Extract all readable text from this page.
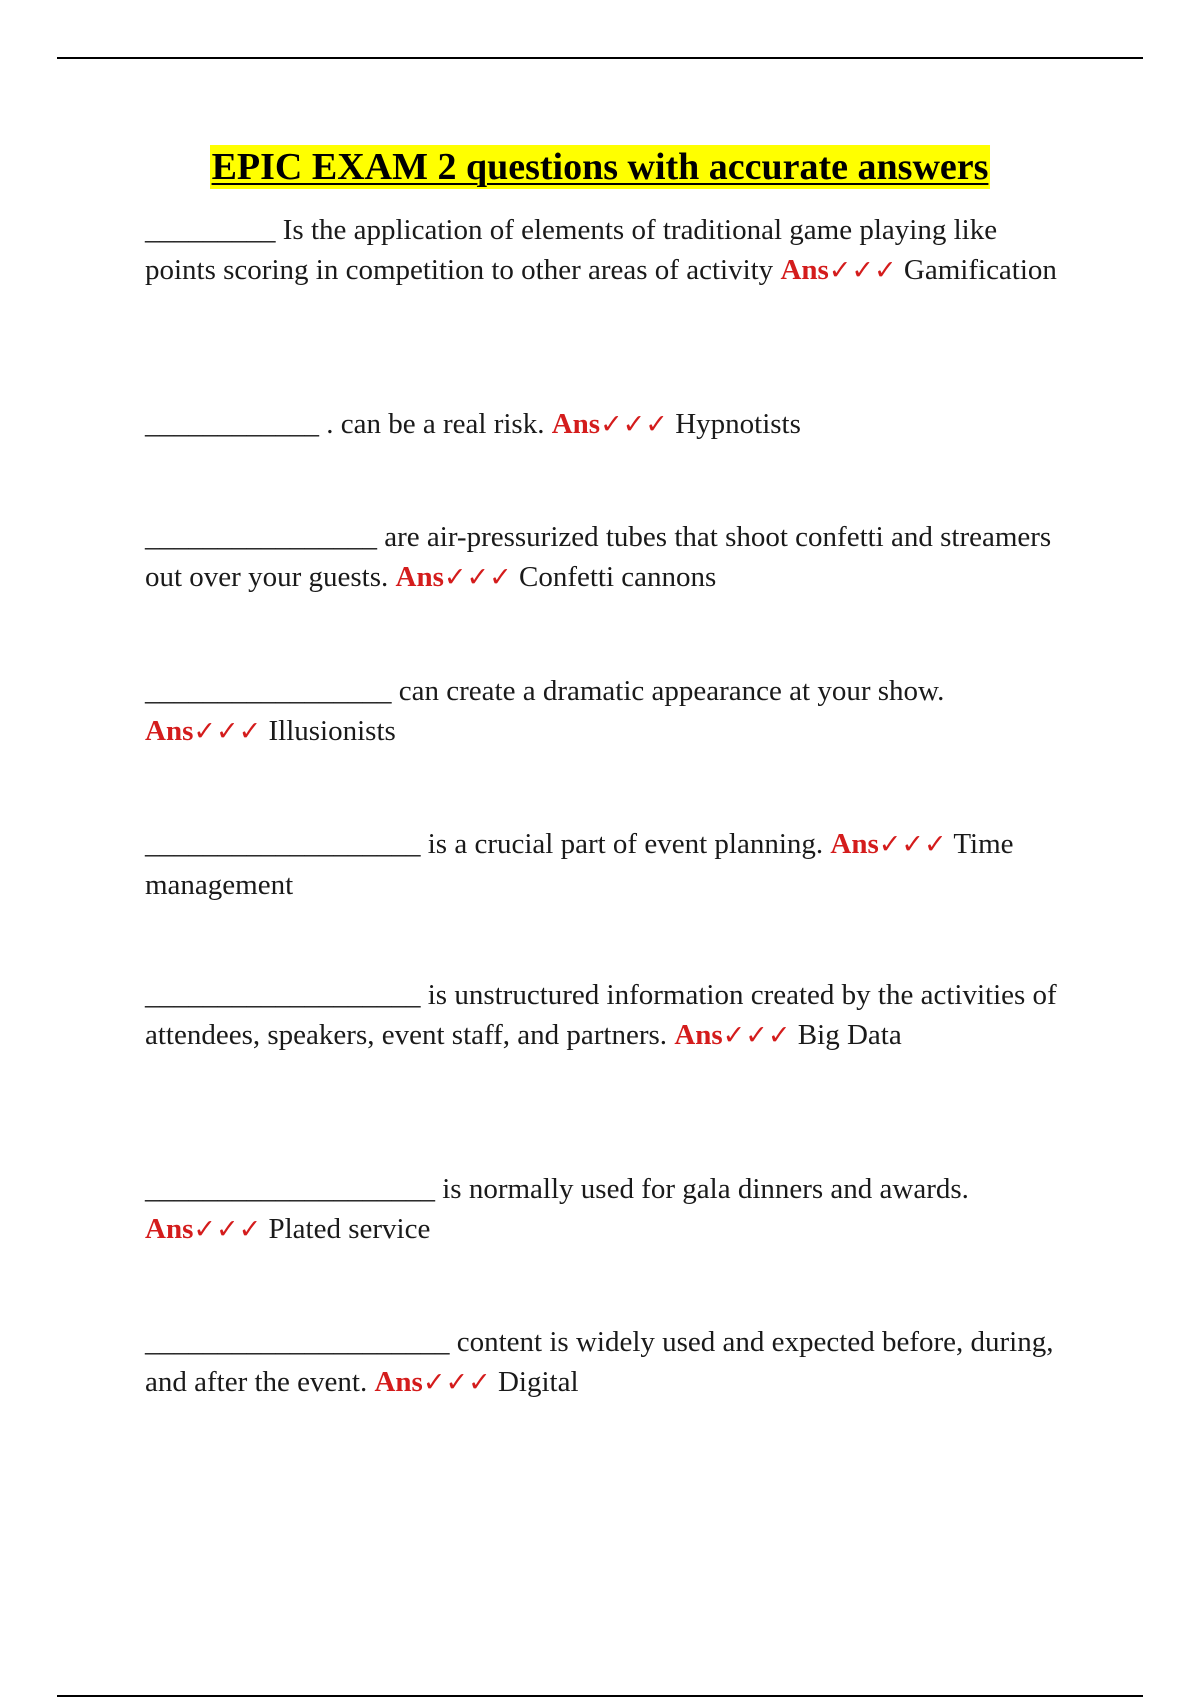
EPIC EXAM 2 questions with accurate answers

_________ Is the application of elements of traditional game playing like points scoring in competition to other areas of activity Ans✓✓✓ Gamification

____________ . can be a real risk. Ans✓✓✓ Hypnotists

________________ are air-pressurized tubes that shoot confetti and streamers out over your guests. Ans✓✓✓ Confetti cannons

_________________ can create a dramatic appearance at your show. Ans✓✓✓ Illusionists

___________________ is a crucial part of event planning. Ans✓✓✓ Time management

___________________ is unstructured information created by the activities of attendees, speakers, event staff, and partners. Ans✓✓✓ Big Data

____________________ is normally used for gala dinners and awards. Ans✓✓✓ Plated service

_____________________ content is widely used and expected before, during, and after the event. Ans✓✓✓ Digital
